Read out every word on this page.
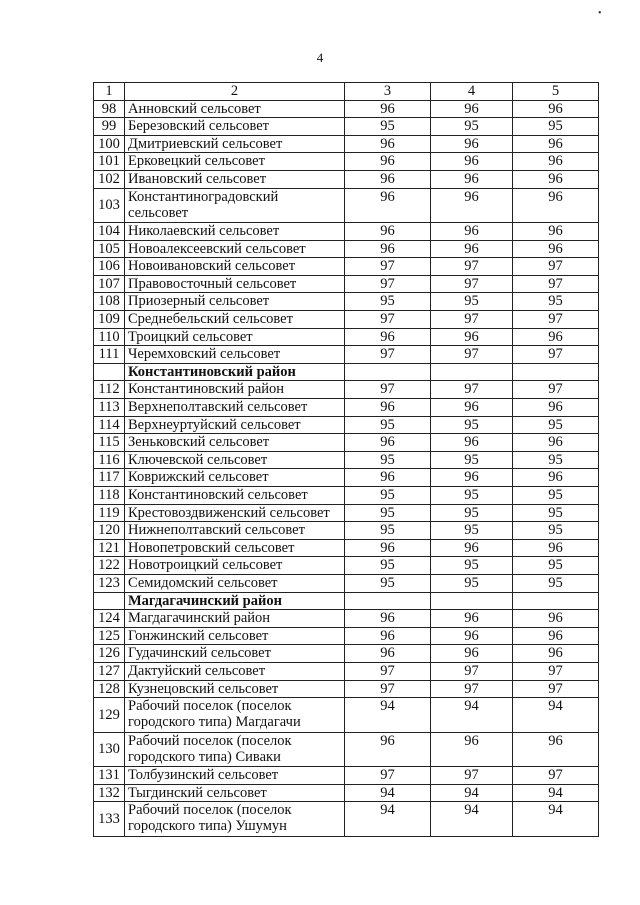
•
4
1	2	3	4	5
98	Анновский сельсовет	96	96	96
99	Березовский сельсовет	95	95	95
100	Дмитриевский сельсовет	96	96	96
101	Ерковецкий сельсовет	96	96	96
102	Ивановский сельсовет	96	96	96
103	Константиноградовский сельсовет	96	96	96
104	Николаевский сельсовет	96	96	96
105	Новоалексеевский сельсовет	96	96	96
106	Новоивановский сельсовет	97	97	97
107	Правовосточный сельсовет	97	97	97
108	Приозерный сельсовет	95	95	95
109	Среднебельский сельсовет	97	97	97
110	Троицкий сельсовет	96	96	96
111	Черемховский сельсовет	97	97	97
	Константиновский район			
112	Константиновский район	97	97	97
113	Верхнеполтавский сельсовет	96	96	96
114	Верхнеуртуйский сельсовет	95	95	95
115	Зеньковский сельсовет	96	96	96
116	Ключевской сельсовет	95	95	95
117	Коврижский сельсовет	96	96	96
118	Константиновский сельсовет	95	95	95
119	Крестовоздвиженский сельсовет	95	95	95
120	Нижнеполтавский сельсовет	95	95	95
121	Новопетровский сельсовет	96	96	96
122	Новотроицкий сельсовет	95	95	95
123	Семидомский сельсовет	95	95	95
	Магдагачинский район			
124	Магдагачинский район	96	96	96
125	Гонжинский сельсовет	96	96	96
126	Гудачинский сельсовет	96	96	96
127	Дактуйский сельсовет	97	97	97
128	Кузнецовский сельсовет	97	97	97
129	Рабочий поселок (поселок городского типа) Магдагачи	94	94	94
130	Рабочий поселок (поселок городского типа) Сиваки	96	96	96
131	Толбузинский сельсовет	97	97	97
132	Тыгдинский сельсовет	94	94	94
133	Рабочий поселок (поселок городского типа) Ушумун	94	94	94
